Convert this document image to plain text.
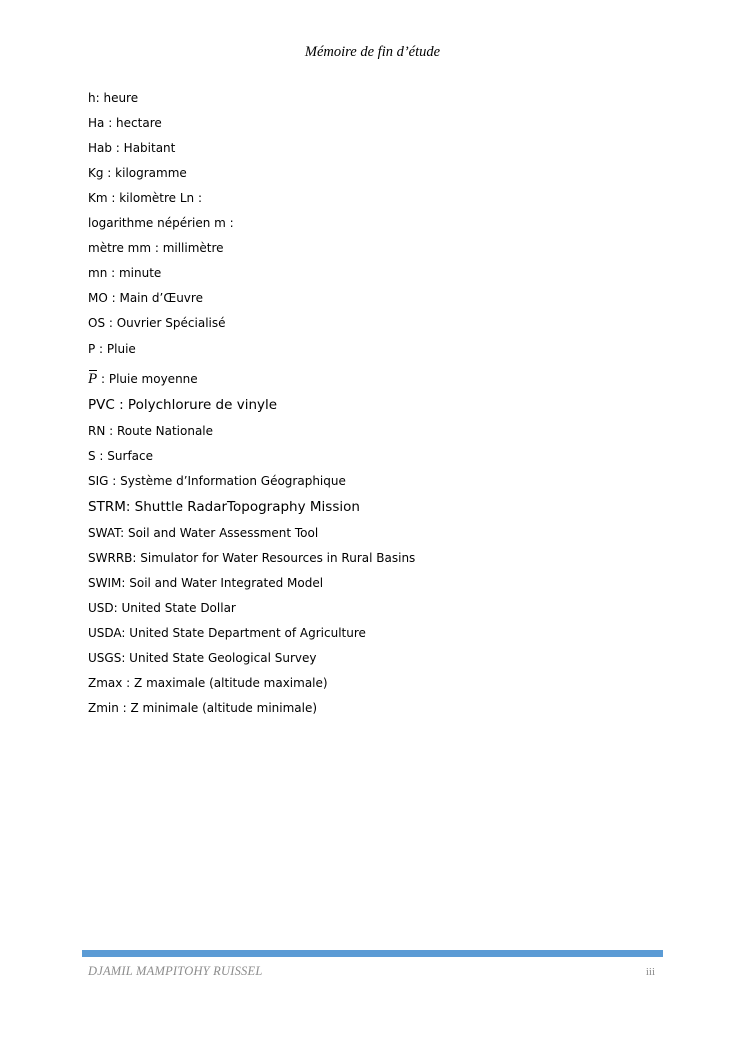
Mémoire de fin d’étude
h: heure
Ha : hectare
Hab : Habitant
Kg : kilogramme
Km : kilomètre Ln :
logarithme népérien m :
mètre mm : millimètre
mn : minute
MO : Main d’Œuvre
OS : Ouvrier Spécialisé
P : Pluie
P : Pluie moyenne
PVC : Polychlorure de vinyle
RN : Route Nationale
S : Surface
SIG : Système d’Information Géographique
STRM: Shuttle RadarTopography Mission
SWAT: Soil and Water Assessment Tool
SWRRB: Simulator for Water Resources in Rural Basins
SWIM: Soil and Water Integrated Model
USD: United State Dollar
USDA: United State Department of Agriculture
USGS: United State Geological Survey
Zmax : Z maximale (altitude maximale)
Zmin : Z minimale (altitude minimale)
DJAMIL MAMPITOHY RUISSEL	iii
